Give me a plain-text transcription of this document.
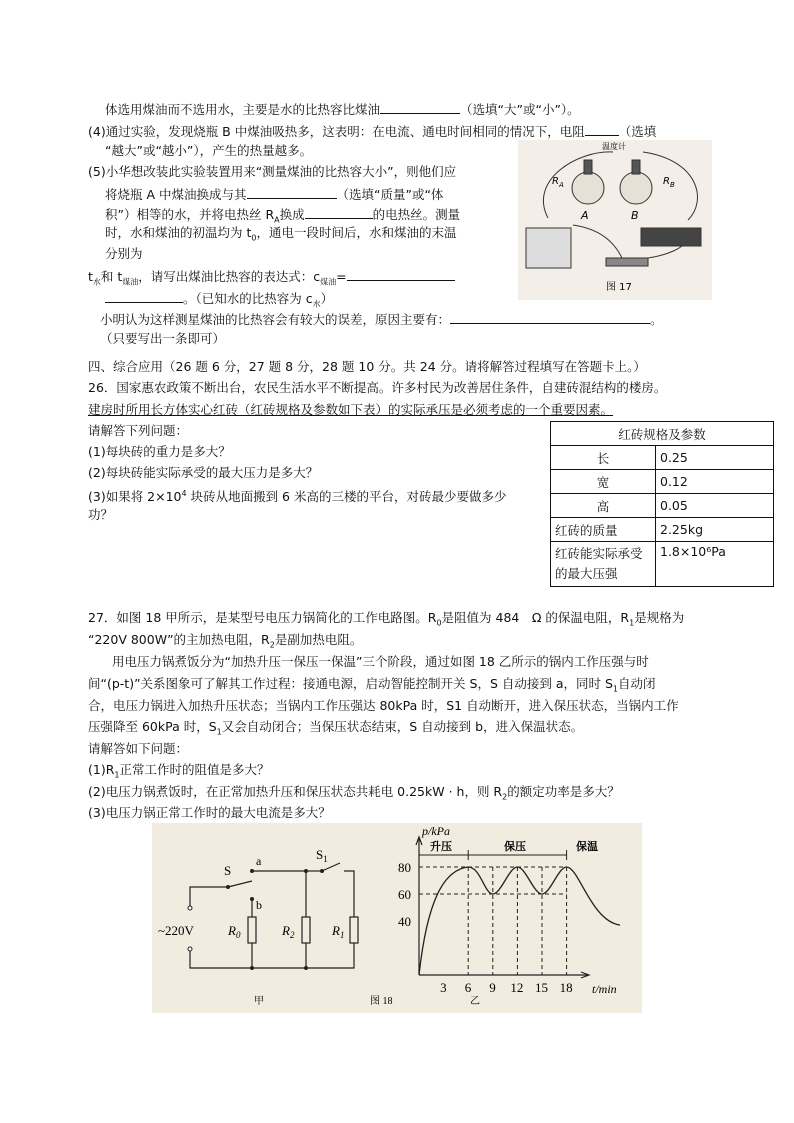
体选用煤油而不选用水，主要是水的比热容比煤油	（选填“大”或“小”）。
(4)通过实验，发现烧瓶 B 中煤油吸热多，这表明：在电流、通电时间相同的情况下，电阻	（选填
“越大”或“越小”），产生的热量越多。
(5)小华想改装此实验装置用来“测量煤油的比热容大小”，则他们应
将烧瓶 A 中煤油换成与其	（选填“质量”或“体
积”）相等的水，并将电热丝 $R_A$换成	的电热丝。测量
时，水和煤油的初温均为 $t_0$，通电一段时间后，水和煤油的末温
分别为
$t_水$和 $t_{煤油}$，请写出煤油比热容的表达式：$c_{煤油}=$
。（已知水的比热容为 $c_水$）
小明认为这样测星煤油的比热容会有较大的误差，原因主要有：	。
（只要写出一条即可）
温度计
$R_A$	$R_B$
A	B
图 17
四、综合应用（26 题 6 分，27 题 8 分，28 题 10 分。共 24 分。请将解答过程填写在答题卡上。）
26．国家惠农政策不断出台，农民生活水平不断提高。许多村民为改善居住条件，自建砖混结构的楼房。
建房时所用长方体实心红砖（红砖规格及参数如下表）的实际承压是必须考虑的一个重要因素。
请解答下列问题：
(1)每块砖的重力是多大？
(2)每块砖能实际承受的最大压力是多大？
(3)如果将 $2\times 10^4$ 块砖从地面搬到 6 米高的三楼的平台，对砖最少要做多少
功？
红砖规格及参数	
长	0.25
宽	0.12
高	0.05
红砖的质量	2.25kg
红砖能实际承受的最大压强	1.8×10⁶Pa
27．如图 18 甲所示，是某型号电压力锅简化的工作电路图。$R_0$是阻值为 484　Ω 的保温电阻，$R_1$是规格为
“220V 800W”的主加热电阻，$R_2$是副加热电阻。
用电压力锅煮饭分为“加热升压一保压一保温”三个阶段，通过如图 18 乙所示的锅内工作压强与时
间“(p-t)”关系图象可了解其工作过程：接通电源，启动智能控制开关 S，S 自动接到 a，同时 $S_1$自动闭
合，电压力锅进入加热升压状态；当锅内工作压强达 80kPa 时，S1 自动断开，进入保压状态，当锅内工作
压强降至 60kPa 时，$S_1$又会自动闭合；当保压状态结束，S 自动接到 b，进入保温状态。
请解答如下问题：
$(1)R_1$正常工作时的阻值是多大？
(2)电压力锅煮饭时，在正常加热升压和保压状态共耗电 0.25kW · h，则 $R_2$的额定功率是多大？
(3)电压力锅正常工作时的最大电流是多大？
S
a
b
$S_1$
~220V	$R_0$	$R_2$	$R_1$
甲	图 18	乙
40
60
80
3 6 9 12 15 18
p/kPa
t/min
升压	保压	保温
